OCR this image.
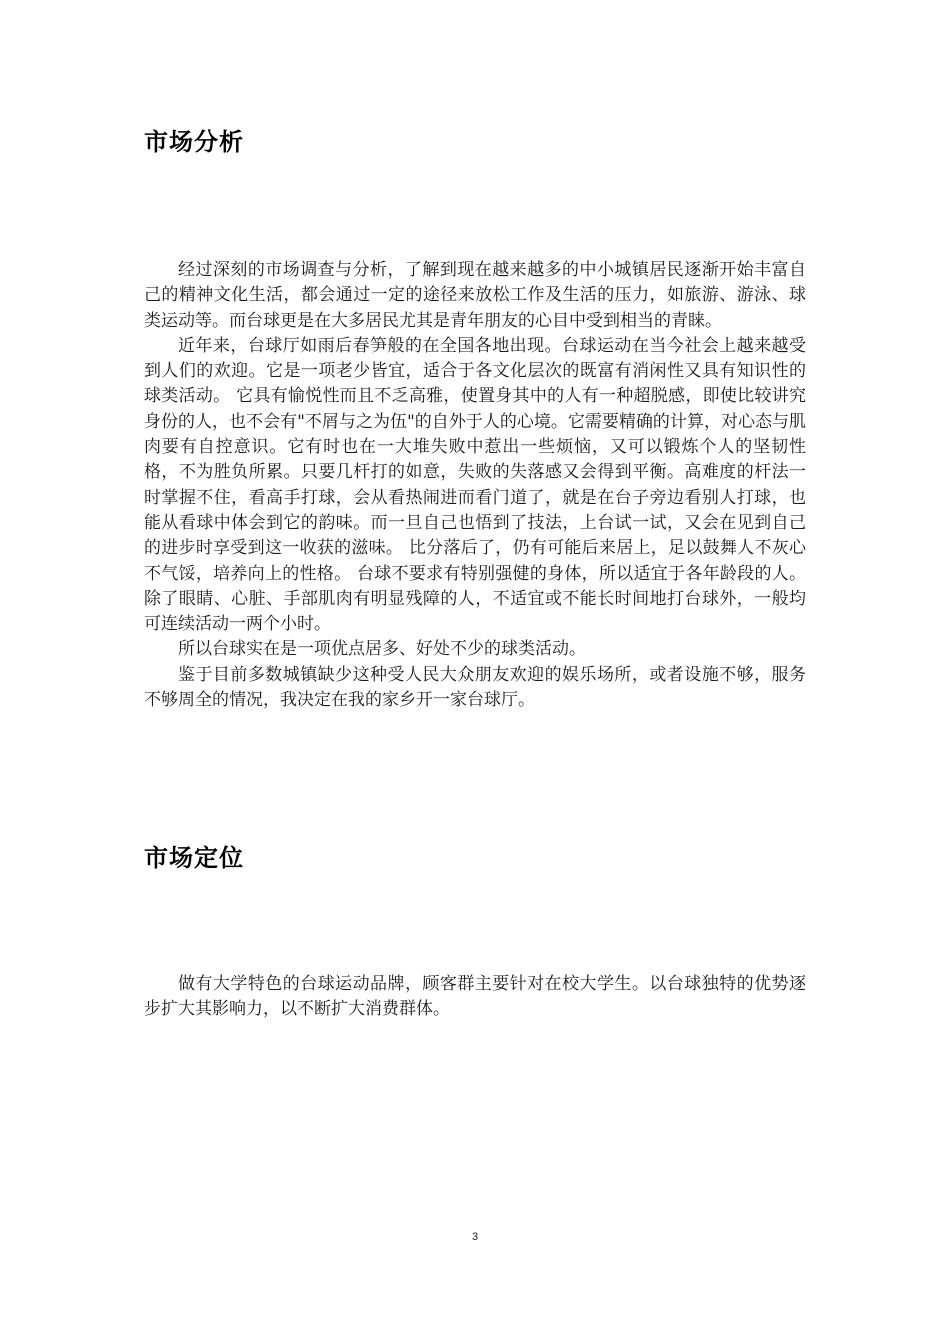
市场分析

经过深刻的市场调查与分析，了解到现在越来越多的中小城镇居民逐渐开始丰富自己的精神文化生活，都会通过一定的途径来放松工作及生活的压力，如旅游、游泳、球类运动等。而台球更是在大多居民尤其是青年朋友的心目中受到相当的青睐。

近年来，台球厅如雨后春笋般的在全国各地出现。台球运动在当今社会上越来越受到人们的欢迎。它是一项老少皆宜，适合于各文化层次的既富有消闲性又具有知识性的球类活动。 它具有愉悦性而且不乏高雅，使置身其中的人有一种超脱感，即使比较讲究身份的人，也不会有"不屑与之为伍"的自外于人的心境。它需要精确的计算，对心态与肌肉要有自控意识。它有时也在一大堆失败中惹出一些烦恼，又可以锻炼个人的坚韧性格，不为胜负所累。只要几杆打的如意，失败的失落感又会得到平衡。高难度的杆法一时掌握不住，看高手打球，会从看热闹进而看门道了，就是在台子旁边看别人打球，也能从看球中体会到它的韵味。而一旦自己也悟到了技法，上台试一试，又会在见到自己的进步时享受到这一收获的滋味。 比分落后了，仍有可能后来居上，足以鼓舞人不灰心不气馁，培养向上的性格。 台球不要求有特别强健的身体，所以适宜于各年龄段的人。除了眼睛、心脏、手部肌肉有明显残障的人，不适宜或不能长时间地打台球外，一般均可连续活动一两个小时。

所以台球实在是一项优点居多、好处不少的球类活动。

鉴于目前多数城镇缺少这种受人民大众朋友欢迎的娱乐场所，或者设施不够，服务不够周全的情况，我决定在我的家乡开一家台球厅。

市场定位

做有大学特色的台球运动品牌，顾客群主要针对在校大学生。以台球独特的优势逐步扩大其影响力，以不断扩大消费群体。

3
